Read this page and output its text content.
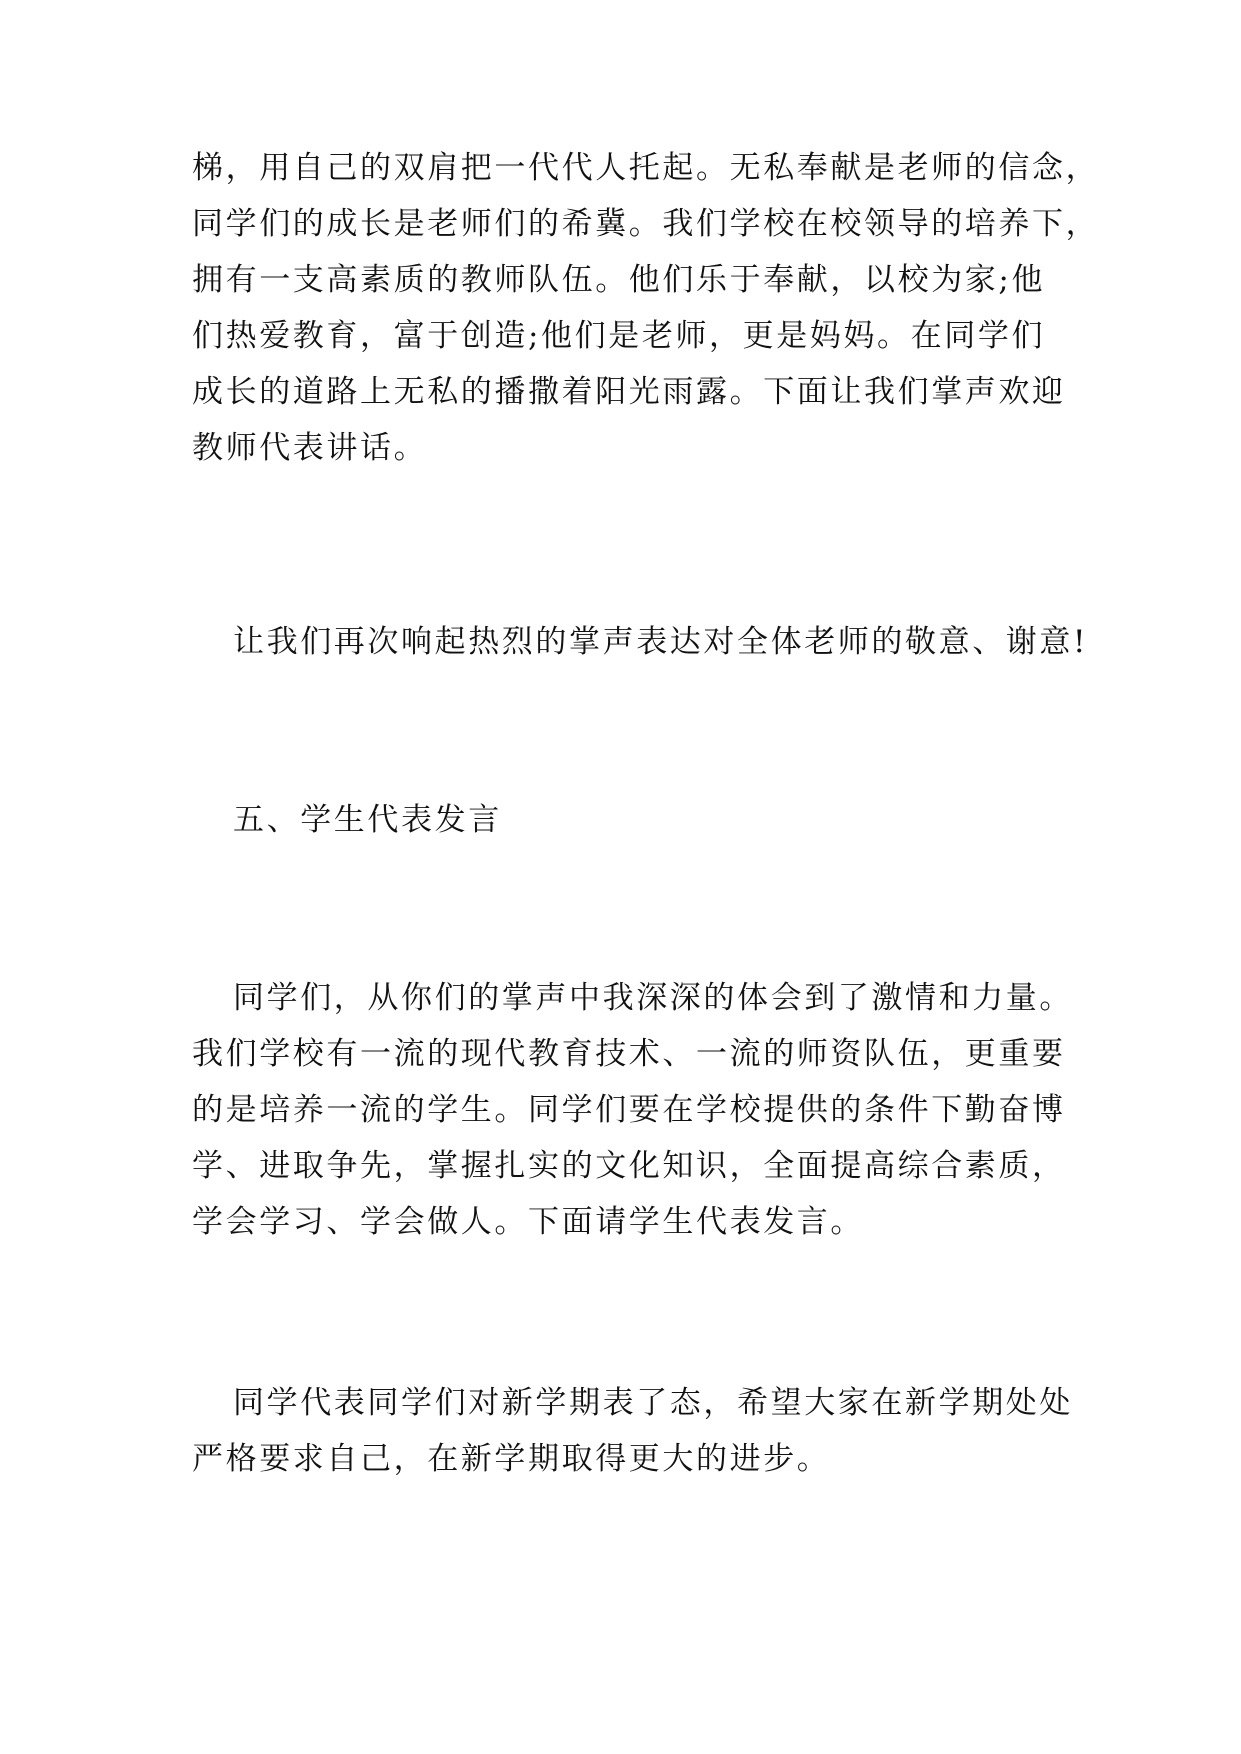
梯，用自己的双肩把一代代人托起。无私奉献是老师的信念，

同学们的成长是老师们的希冀。我们学校在校领导的培养下，

拥有一支高素质的教师队伍。他们乐于奉献，以校为家;他

们热爱教育，富于创造;他们是老师，更是妈妈。在同学们

成长的道路上无私的播撒着阳光雨露。下面让我们掌声欢迎

教师代表讲话。

让我们再次响起热烈的掌声表达对全体老师的敬意、谢意!

五、学生代表发言

同学们，从你们的掌声中我深深的体会到了激情和力量。

我们学校有一流的现代教育技术、一流的师资队伍，更重要

的是培养一流的学生。同学们要在学校提供的条件下勤奋博

学、进取争先，掌握扎实的文化知识，全面提高综合素质，

学会学习、学会做人。下面请学生代表发言。

同学代表同学们对新学期表了态，希望大家在新学期处处

严格要求自己，在新学期取得更大的进步。
